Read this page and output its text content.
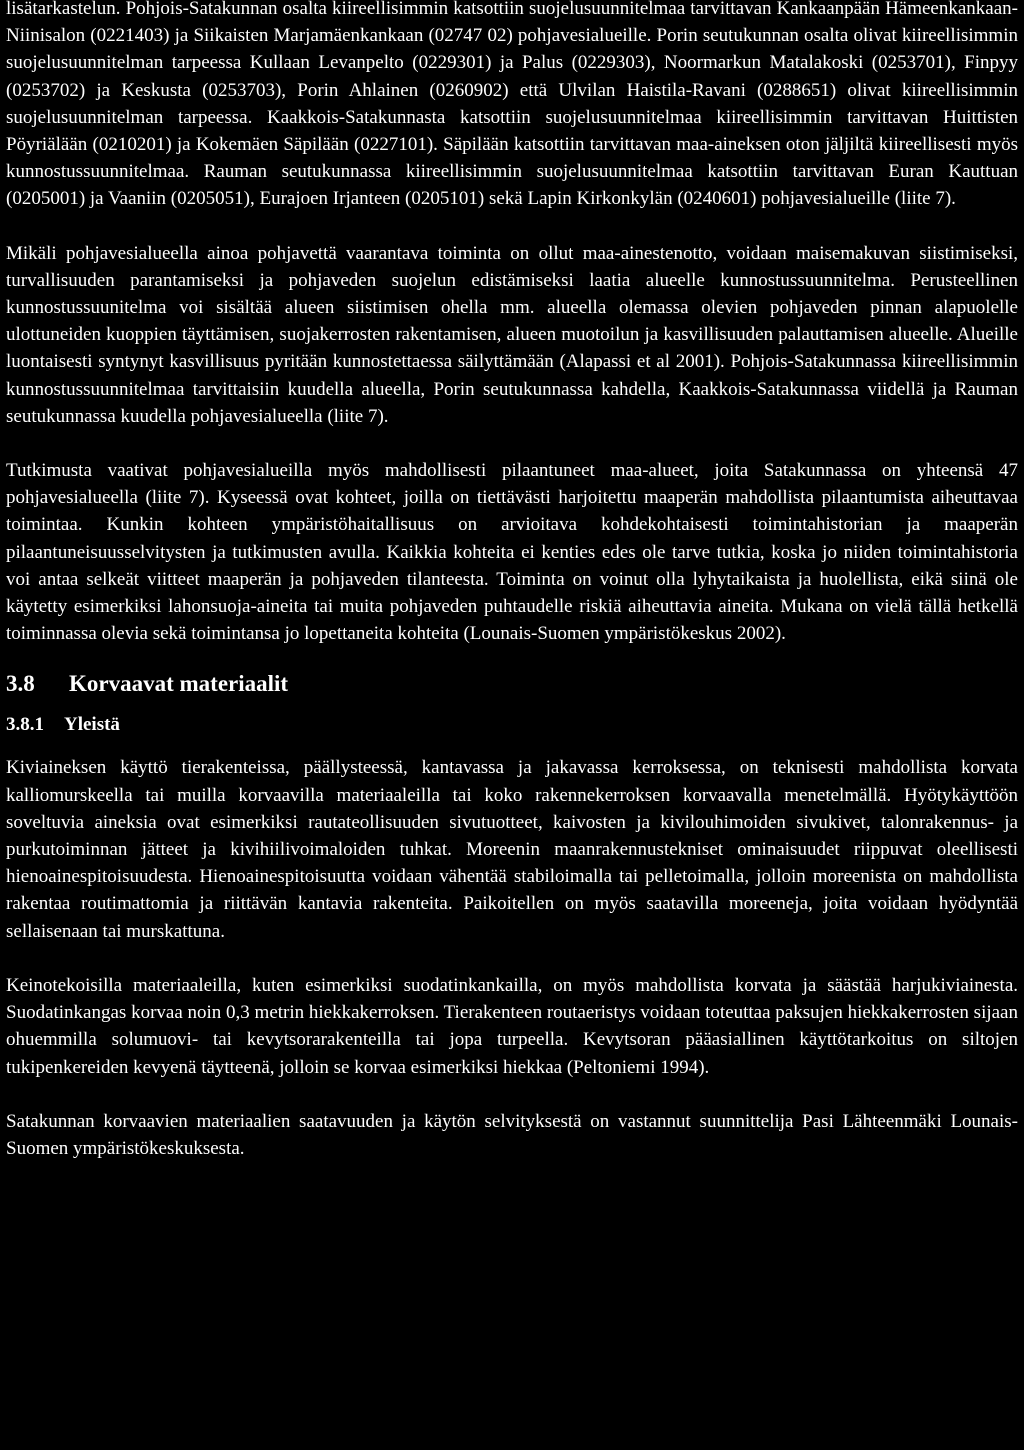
lisätarkastelun. Pohjois-Satakunnan osalta kiireellisimmin katsottiin suojelusuunnitelmaa tarvittavan Kankaanpään Hämeenkankaan-Niinisalon (0221403) ja Siikaisten Marjamäenkankaan (02747 02) pohjavesialueille. Porin seutukunnan osalta olivat kiireellisimmin suojelusuunnitelman tarpeessa Kullaan Levanpelto (0229301) ja Palus (0229303), Noormarkun Matalakoski (0253701), Finpyy (0253702) ja Keskusta (0253703), Porin Ahlainen (0260902) että Ulvilan Haistila-Ravani (0288651) olivat kiireellisimmin suojelusuunnitelman tarpeessa. Kaakkois-Satakunnasta katsottiin suojelusuunnitelmaa kiireellisimmin tarvittavan Huittisten Pöyriälään (0210201) ja Kokemäen Säpilään (0227101). Säpilään katsottiin tarvittavan maa-aineksen oton jäljiltä kiireellisesti myös kunnostussuunnitelmaa. Rauman seutukunnassa kiireellisimmin suojelusuunnitelmaa katsottiin tarvittavan Euran Kauttuan (0205001) ja Vaaniin (0205051), Eurajoen Irjanteen (0205101) sekä Lapin Kirkonkylän (0240601) pohjavesialueille (liite 7).

Mikäli pohjavesialueella ainoa pohjavettä vaarantava toiminta on ollut maa-ainestenotto, voidaan maisemakuvan siistimiseksi, turvallisuuden parantamiseksi ja pohjaveden suojelun edistämiseksi laatia alueelle kunnostussuunnitelma. Perusteellinen kunnostussuunitelma voi sisältää alueen siistimisen ohella mm. alueella olemassa olevien pohjaveden pinnan alapuolelle ulottuneiden kuoppien täyttämisen, suojakerrosten rakentamisen, alueen muotoilun ja kasvillisuuden palauttamisen alueelle. Alueille luontaisesti syntynyt kasvillisuus pyritään kunnostettaessa säilyttämään (Alapassi et al 2001). Pohjois-Satakunnassa kiireellisimmin kunnostussuunnitelmaa tarvittaisiin kuudella alueella, Porin seutukunnassa kahdella, Kaakkois-Satakunnassa viidellä ja Rauman seutukunnassa kuudella pohjavesialueella (liite 7).

Tutkimusta vaativat pohjavesialueilla myös mahdollisesti pilaantuneet maa-alueet, joita Satakunnassa on yhteensä 47 pohjavesialueella (liite 7). Kyseessä ovat kohteet, joilla on tiettävästi harjoitettu maaperän mahdollista pilaantumista aiheuttavaa toimintaa. Kunkin kohteen ympäristöhaitallisuus on arvioitava kohdekohtaisesti toimintahistorian ja maaperän pilaantuneisuusselvitysten ja tutkimusten avulla. Kaikkia kohteita ei kenties edes ole tarve tutkia, koska jo niiden toimintahistoria voi antaa selkeät viitteet maaperän ja pohjaveden tilanteesta. Toiminta on voinut olla lyhytaikaista ja huolellista, eikä siinä ole käytetty esimerkiksi lahonsuoja-aineita tai muita pohjaveden puhtaudelle riskiä aiheuttavia aineita. Mukana on vielä tällä hetkellä toiminnassa olevia sekä toimintansa jo lopettaneita kohteita (Lounais-Suomen ympäristökeskus 2002).

3.8	Korvaavat materiaalit
3.8.1	Yleistä

Kiviaineksen käyttö tierakenteissa, päällysteessä, kantavassa ja jakavassa kerroksessa, on teknisesti mahdollista korvata kalliomurskeella tai muilla korvaavilla materiaaleilla tai koko rakennekerroksen korvaavalla menetelmällä. Hyötykäyttöön soveltuvia aineksia ovat esimerkiksi rautateollisuuden sivutuotteet, kaivosten ja kivilouhimoiden sivukivet, talonrakennus- ja purkutoiminnan jätteet ja kivihiilivoimaloiden tuhkat. Moreenin maanrakennustekniset ominaisuudet riippuvat oleellisesti hienoainespitoisuudesta. Hienoainespitoisuutta voidaan vähentää stabiloimalla tai pelletoimalla, jolloin moreenista on mahdollista rakentaa routimattomia ja riittävän kantavia rakenteita. Paikoitellen on myös saatavilla moreeneja, joita voidaan hyödyntää sellaisenaan tai murskattuna.

Keinotekoisilla materiaaleilla, kuten esimerkiksi suodatinkankailla, on myös mahdollista korvata ja säästää harjukiviainesta. Suodatinkangas korvaa noin 0,3 metrin hiekkakerroksen. Tierakenteen routaeristys voidaan toteuttaa paksujen hiekkakerrosten sijaan ohuemmilla solumuovi- tai kevytsorarakenteilla tai jopa turpeella. Kevytsoran pääasiallinen käyttötarkoitus on siltojen tukipenkereiden kevyenä täytteenä, jolloin se korvaa esimerkiksi hiekkaa (Peltoniemi 1994).

Satakunnan korvaavien materiaalien saatavuuden ja käytön selvityksestä on vastannut suunnittelija Pasi Lähteenmäki Lounais-Suomen ympäristökeskuksesta.
